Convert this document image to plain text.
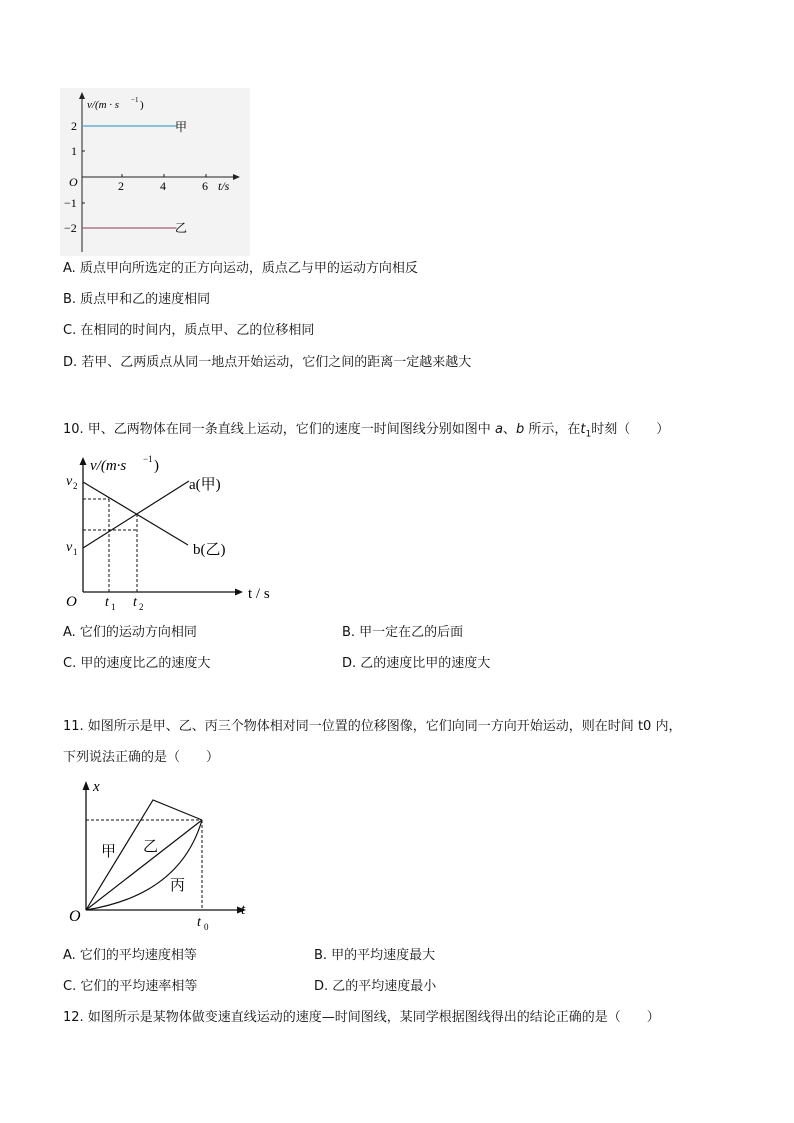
v/(m · s −1 )
2
1
O
−1
−2
2	4	6 t/s
甲
乙
A. 质点甲向所选定的正方向运动，质点乙与甲的运动方向相反
B. 质点甲和乙的速度相同
C. 在相同的时间内，质点甲、乙的位移相同
D. 若甲、乙两质点从同一地点开始运动，它们之间的距离一定越来越大
10. 甲、乙两物体在同一条直线上运动，它们的速度一时间图线分别如图中 a、b 所示，在$t_1$时刻（　　）
v/(m·s −1 )
v 2
v 1
O t 1 t 2
t / s
a(甲)
b(乙)
A. 它们的运动方向相同	B. 甲一定在乙的后面
C. 甲的速度比乙的速度大	D. 乙的速度比甲的速度大
11. 如图所示是甲、乙、丙三个物体相对同一位置的位移图像，它们向同一方向开始运动，则在时间 t0 内，
下列说法正确的是（　　）
x
t
O	t 0
甲 乙
丙
A. 它们的平均速度相等	B. 甲的平均速度最大
C. 它们的平均速率相等	D. 乙的平均速度最小
12. 如图所示是某物体做变速直线运动的速度—时间图线，某同学根据图线得出的结论正确的是（　　）
